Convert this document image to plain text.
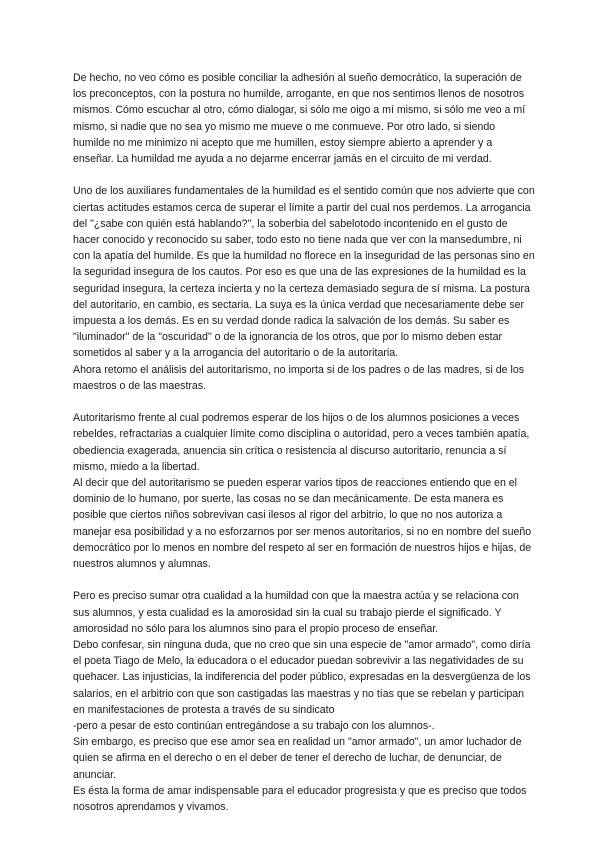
De hecho, no veo cómo es posible conciliar la adhesión al sueño democrático, la superación de los preconceptos, con la postura no humilde, arrogante, en que nos sentimos llenos de nosotros mismos. Cómo escuchar al otro, cómo dialogar, si sólo me oigo a mí mismo, si sólo me veo a mí mismo, si nadie que no sea yo mismo me mueve o me conmueve. Por otro lado, si siendo humilde no me minimizo ni acepto que me humillen, estoy siempre abierto a aprender y a enseñar. La humildad me ayuda a no dejarme encerrar jamás en el circuito de mi verdad.

Uno de los auxiliares fundamentales de la humildad es el sentido común que nos advierte que con ciertas actitudes estamos cerca de superar el límite a partir del cual nos perdemos. La arrogancia del "¿sabe con quién está hablando?", la soberbia del sabelotodo incontenido en el gusto de hacer conocido y reconocido su saber, todo esto no tiene nada que ver con la mansedumbre, ni con la apatía del humilde. Es que la humildad no florece en la inseguridad de las personas sino en la seguridad insegura de los cautos. Por eso es que una de las expresiones de la humildad es la seguridad insegura, la certeza incierta y no la certeza demasiado segura de sí misma. La postura del autoritario, en cambio, es sectaria. La suya es la única verdad que necesariamente debe ser impuesta a los demás. Es en su verdad donde radica la salvación de los demás. Su saber es "iluminador" de la "oscuridad" o de la ignorancia de los otros, que por lo mismo deben estar sometidos al saber y a la arrogancia del autoritario o de la autoritaria.

Ahora retomo el análisis del autoritarismo, no importa si de los padres o de las madres, si de los maestros o de las maestras.

Autoritarismo frente al cual podremos esperar de los hijos o de los alumnos posiciones a veces rebeldes, refractarias a cualquier límite como disciplina o autoridad, pero a veces también apatía, obediencia exagerada, anuencia sin crítica o resistencia al discurso autoritario, renuncia a sí mismo, miedo a la libertad.

Al decir que del autoritarismo se pueden esperar varios tipos de reacciones entiendo que en el dominio de lo humano, por suerte, las cosas no se dan mecánicamente. De esta manera es posible que ciertos niños sobrevivan casi ilesos al rigor del arbitrio, lo que no nos autoriza a manejar esa posibilidad y a no esforzarnos por ser menos autoritarios, si no en nombre del sueño democrático por lo menos en nombre del respeto al ser en formación de nuestros hijos e hijas, de nuestros alumnos y alumnas.

Pero es preciso sumar otra cualidad a la humildad con que la maestra actúa y se relaciona con sus alumnos, y esta cualidad es la amorosidad sin la cual su trabajo pierde el significado. Y amorosidad no sólo para los alumnos sino para el propio proceso de enseñar.

Debo confesar, sin ninguna duda, que no creo que sin una especie de "amor armado", como diría el poeta Tiago de Melo, la educadora o el educador puedan sobrevivir a las negatividades de su quehacer. Las injusticias, la indiferencia del poder público, expresadas en la desvergüenza de los salarios, en el arbitrio con que son castigadas las maestras y no tías que se rebelan y participan en manifestaciones de protesta a través de su sindicato

-pero a pesar de esto continúan entregándose a su trabajo con los alumnos-.

Sin embargo, es preciso que ese amor sea en realidad un "amor armado", un amor luchador de quien se afirma en el derecho o en el deber de tener el derecho de luchar, de denunciar, de anunciar.

Es ésta la forma de amar indispensable para el educador progresista y que es preciso que todos nosotros aprendamos y vivamos.
